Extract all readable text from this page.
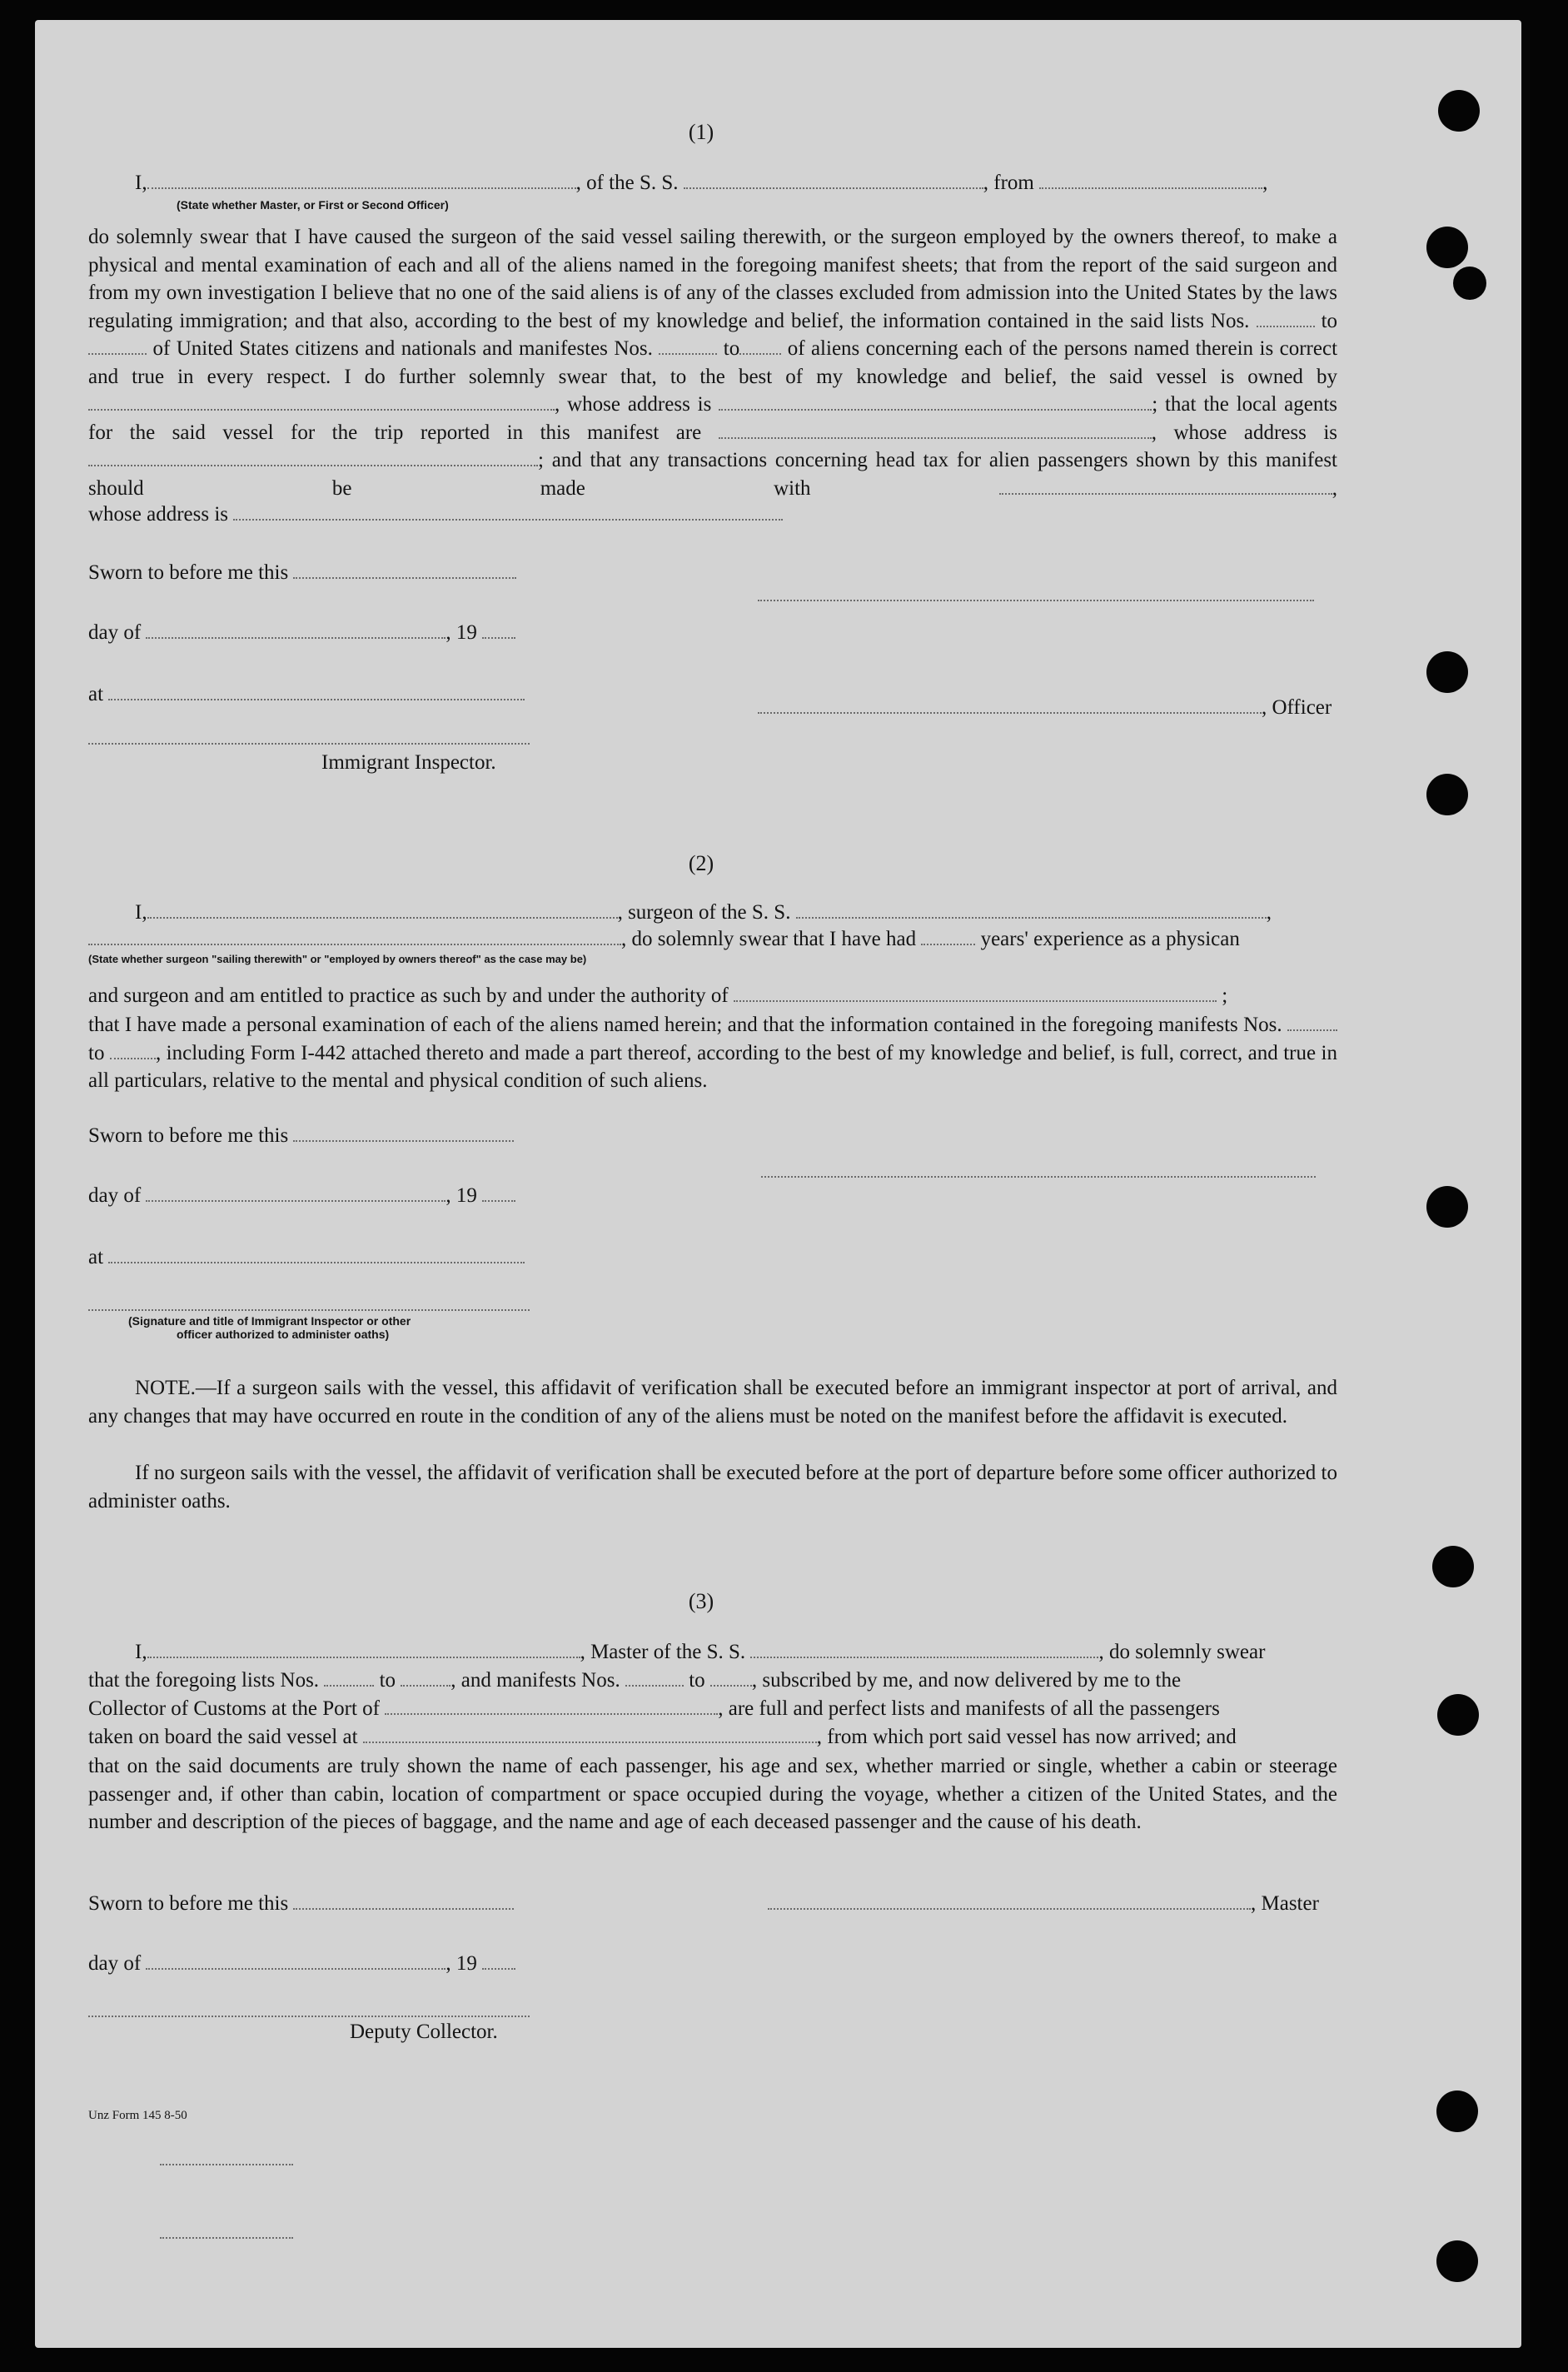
(1)
I,	, of the S. S.	, from	,
(State whether Master, or First or Second Officer)
do solemnly swear that I have caused the surgeon of the said vessel sailing therewith, or the surgeon employed by the owners thereof, to make a physical and mental examination of each and all of the aliens named in the foregoing manifest sheets; that from the report of the said surgeon and from my own investigation I believe that no one of the said aliens is of any of the classes excluded from admission into the United States by the laws regulating immigration; and that also, according to the best of my knowledge and belief, the information contained in the said lists Nos.	to  of United States citizens and nationals and manifestes Nos.	to of aliens concerning each of the persons named therein is correct and true in every respect. I do further solemnly swear that, to the best of my knowledge and belief, the said vessel is owned by , whose address is	; that the local agents for the said vessel for the trip reported in this manifest are	, whose address is ; and that any transactions concerning head tax for alien passengers shown by this manifest should be made with	,
whose address is
Sworn to before me this
day of	, 19
at
, Officer
Immigrant Inspector.
(2)
I,	, surgeon of the S. S.	,
, do solemnly swear that I have had	years' experience as a physican
(State whether surgeon "sailing therewith" or "employed by owners thereof" as the case may be)
and surgeon and am entitled to practice as such by and under the authority of	;
that I have made a personal examination of each of the aliens named herein; and that the information contained in the foregoing manifests Nos.  to , including Form I-442 attached thereto and made a part thereof, according to the best of my knowledge and belief, is full, correct, and true in all particulars, relative to the mental and physical condition of such aliens.
Sworn to before me this
day of	, 19
at
(Signature and title of Immigrant Inspector or other
officer authorized to administer oaths)
NOTE.—If a surgeon sails with the vessel, this affidavit of verification shall be executed before an immigrant inspector at port of arrival, and any changes that may have occurred en route in the condition of any of the aliens must be noted on the manifest before the affidavit is executed.
If no surgeon sails with the vessel, the affidavit of verification shall be executed before at the port of departure before some officer authorized to administer oaths.
(3)
I,	, Master of the S. S.	, do solemnly swear
that the foregoing lists Nos.	to	, and manifests Nos.	to , subscribed by me, and now delivered by me to the
Collector of Customs at the Port of	, are full and perfect lists and manifests of all the passengers
taken on board the said vessel at	, from which port said vessel has now arrived; and
that on the said documents are truly shown the name of each passenger, his age and sex, whether married or single, whether a cabin or steerage passenger and, if other than cabin, location of compartment or space occupied during the voyage, whether a citizen of the United States, and the number and description of the pieces of baggage, and the name and age of each deceased passenger and the cause of his death.
Sworn to before me this	, Master
day of	, 19
Deputy Collector.
Unz Form 145 8-50
